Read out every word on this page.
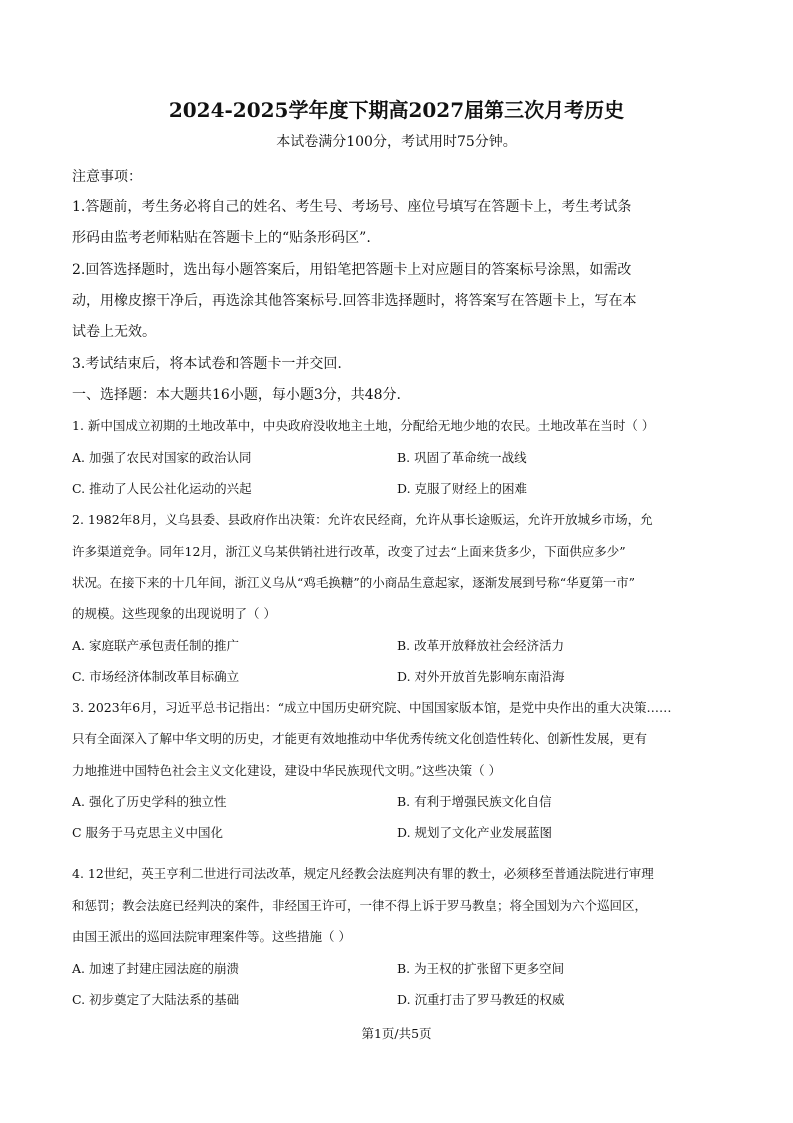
2024-2025学年度下期高2027届第三次月考历史
本试卷满分100分，考试用时75分钟。
注意事项：
1.答题前，考生务必将自己的姓名、考生号、考场号、座位号填写在答题卡上，考生考试条
形码由监考老师粘贴在答题卡上的“贴条形码区”.
2.回答选择题时，选出每小题答案后，用铅笔把答题卡上对应题目的答案标号涂黑，如需改
动，用橡皮擦干净后，再选涂其他答案标号.回答非选择题时，将答案写在答题卡上，写在本
试卷上无效。
3.考试结束后，将本试卷和答题卡一并交回.
一、选择题：本大题共16小题，每小题3分，共48分.
1. 新中国成立初期的土地改革中，中央政府没收地主土地，分配给无地少地的农民。土地改革在当时（ ）
A. 加强了农民对国家的政治认同	B. 巩固了革命统一战线
C. 推动了人民公社化运动的兴起	D. 克服了财经上的困难
2. 1982年8月，义乌县委、县政府作出决策：允许农民经商，允许从事长途贩运，允许开放城乡市场，允
许多渠道竞争。同年12月，浙江义乌某供销社进行改革，改变了过去“上面来货多少，下面供应多少”
状况。在接下来的十几年间，浙江义乌从“鸡毛换糖”的小商品生意起家，逐渐发展到号称“华夏第一市”
的规模。这些现象的出现说明了（ ）
A. 家庭联产承包责任制的推广	B. 改革开放释放社会经济活力
C. 市场经济体制改革目标确立	D. 对外开放首先影响东南沿海
3. 2023年6月，习近平总书记指出：“成立中国历史研究院、中国国家版本馆，是党中央作出的重大决策……
只有全面深入了解中华文明的历史，才能更有效地推动中华优秀传统文化创造性转化、创新性发展，更有
力地推进中国特色社会主义文化建设，建设中华民族现代文明。”这些决策（ ）
A. 强化了历史学科的独立性	B. 有利于增强民族文化自信
C 服务于马克思主义中国化	D. 规划了文化产业发展蓝图
4. 12世纪，英王亨利二世进行司法改革，规定凡经教会法庭判决有罪的教士，必须移至普通法院进行审理
和惩罚；教会法庭已经判决的案件，非经国王许可，一律不得上诉于罗马教皇；将全国划为六个巡回区，
由国王派出的巡回法院审理案件等。这些措施（ ）
A. 加速了封建庄园法庭的崩溃	B. 为王权的扩张留下更多空间
C. 初步奠定了大陆法系的基础	D. 沉重打击了罗马教廷的权威
第1页/共5页
